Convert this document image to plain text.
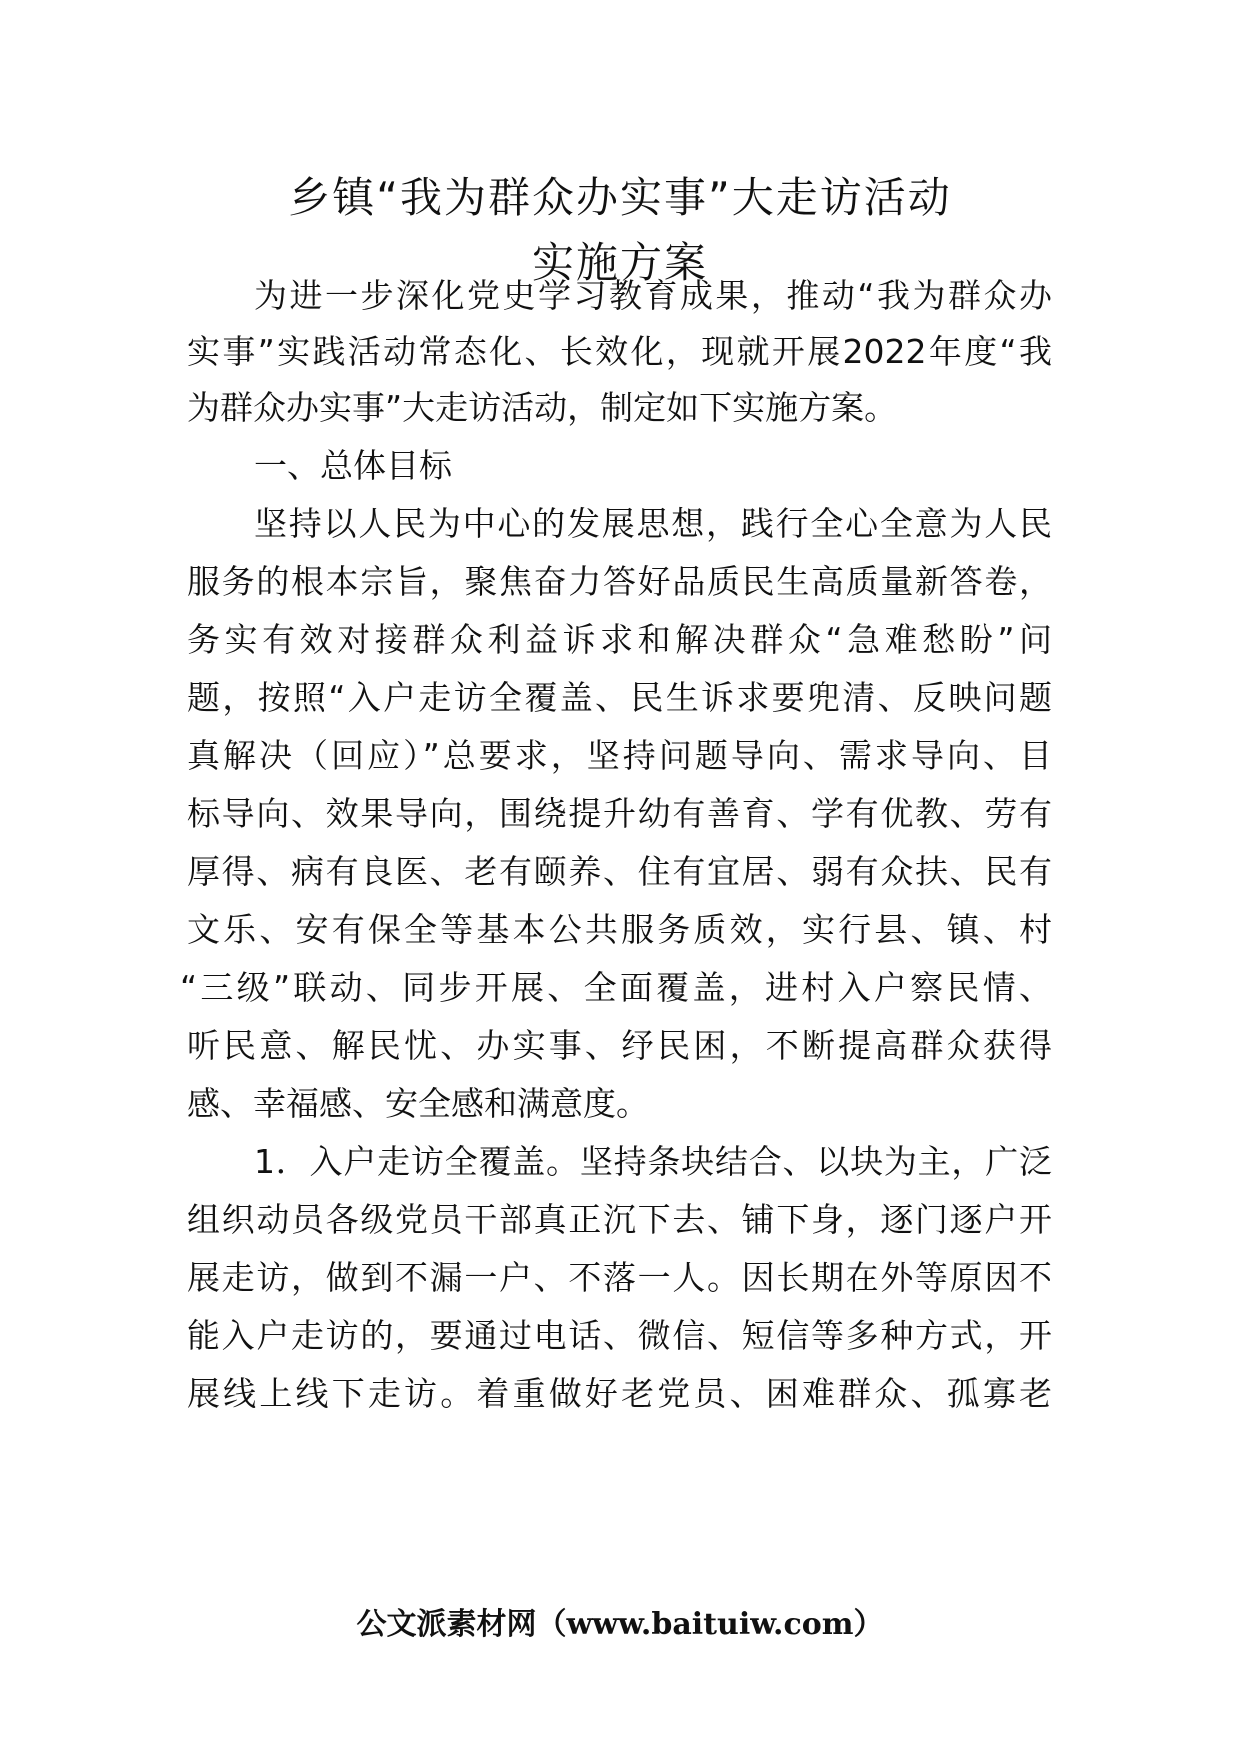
乡镇“我为群众办实事”大走访活动
实施方案
为进一步深化党史学习教育成果，推动“我为群众办
实事”实践活动常态化、长效化，现就开展2022年度“我
为群众办实事”大走访活动，制定如下实施方案。
一、总体目标
坚持以人民为中心的发展思想，践行全心全意为人民
服务的根本宗旨，聚焦奋力答好品质民生高质量新答卷，
务实有效对接群众利益诉求和解决群众“急难愁盼”问
题，按照“入户走访全覆盖、民生诉求要兜清、反映问题
真解决（回应）”总要求，坚持问题导向、需求导向、目
标导向、效果导向，围绕提升幼有善育、学有优教、劳有
厚得、病有良医、老有颐养、住有宜居、弱有众扶、民有
文乐、安有保全等基本公共服务质效，实行县、镇、村
“三级”联动、同步开展、全面覆盖，进村入户察民情、
听民意、解民忧、办实事、纾民困，不断提高群众获得
感、幸福感、安全感和满意度。
1．入户走访全覆盖。坚持条块结合、以块为主，广泛
组织动员各级党员干部真正沉下去、铺下身，逐门逐户开
展走访，做到不漏一户、不落一人。因长期在外等原因不
能入户走访的，要通过电话、微信、短信等多种方式，开
展线上线下走访。着重做好老党员、困难群众、孤寡老
公文派素材网（www.baituiw.com）
